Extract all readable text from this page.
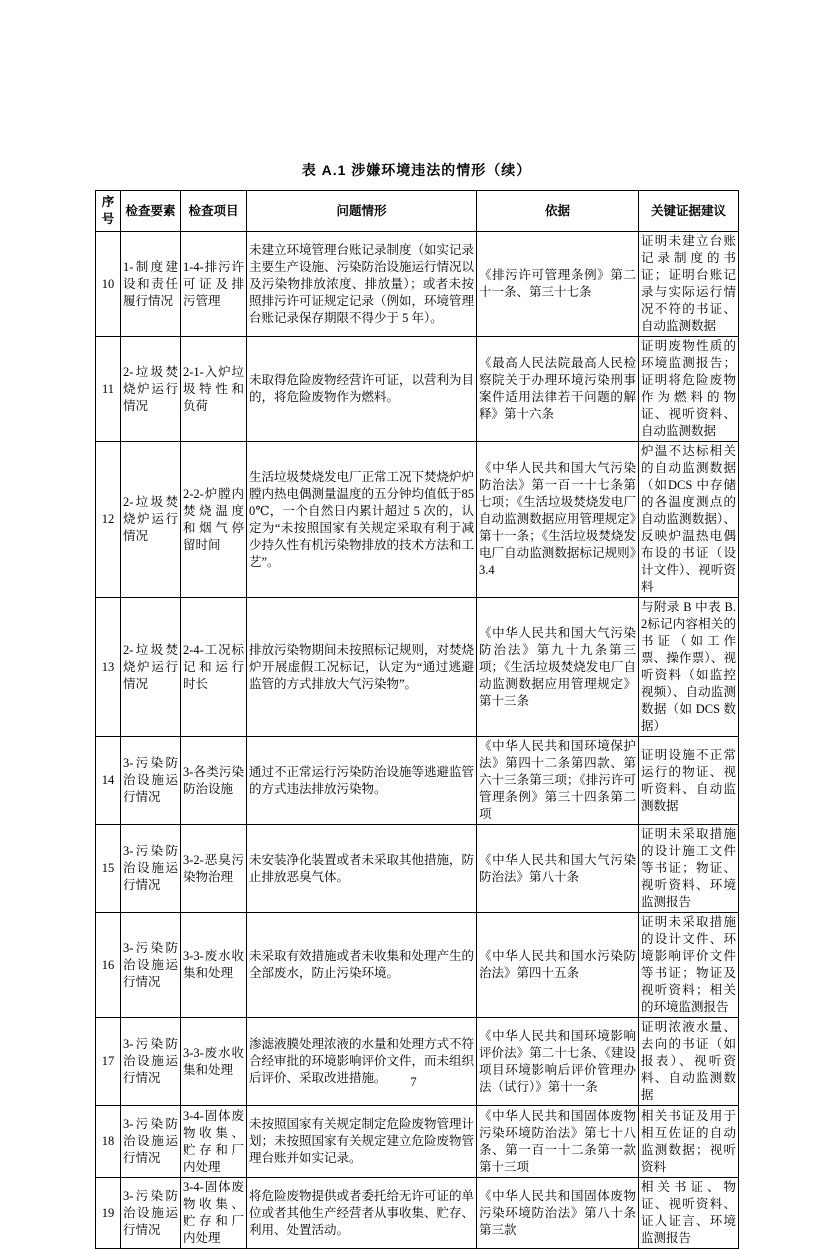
表 A.1 涉嫌环境违法的情形（续）
序号	检查要素	检查项目	问题情形	依据	关键证据建议
10	1-制度建设和责任履行情况	1-4-排污许可证及排污管理	未建立环境管理台账记录制度（如实记录主要生产设施、污染防治设施运行情况以及污染物排放浓度、排放量）；或者未按照排污许可证规定记录（例如，环境管理台账记录保存期限不得少于 5 年）。	《排污许可管理条例》第二十一条、第三十七条	证明未建立台账记录制度的书证；证明台账记录与实际运行情况不符的书证、自动监测数据
11	2-垃圾焚烧炉运行情况	2-1-入炉垃圾特性和负荷	未取得危险废物经营许可证，以营利为目的，将危险废物作为燃料。	《最高人民法院最高人民检察院关于办理环境污染刑事案件适用法律若干问题的解释》第十六条	证明废物性质的环境监测报告；证明将危险废物作为燃料的物证、视听资料、自动监测数据
12	2-垃圾焚烧炉运行情况	2-2-炉膛内焚烧温度和烟气停留时间	生活垃圾焚烧发电厂正常工况下焚烧炉炉膛内热电偶测量温度的五分钟均值低于850℃，一个自然日内累计超过 5 次的，认定为“未按照国家有关规定采取有利于减少持久性有机污染物排放的技术方法和工艺”。	《中华人民共和国大气污染防治法》第一百一十七条第七项；《生活垃圾焚烧发电厂自动监测数据应用管理规定》第十一条；《生活垃圾焚烧发电厂自动监测数据标记规则》3.4	炉温不达标相关的自动监测数据（如DCS 中存储的各温度测点的自动监测数据）、反映炉温热电偶布设的书证（设计文件）、视听资料
13	2-垃圾焚烧炉运行情况	2-4-工况标记和运行时长	排放污染物期间未按照标记规则，对焚烧炉开展虚假工况标记，认定为“通过逃避监管的方式排放大气污染物”。	《中华人民共和国大气污染防治法》第九十九条第三项；《生活垃圾焚烧发电厂自动监测数据应用管理规定》第十三条	与附录 B 中表 B.2标记内容相关的书证（如工作票、操作票）、视听资料（如监控视频）、自动监测数据（如 DCS 数据）
14	3-污染防治设施运行情况	3-各类污染防治设施	通过不正常运行污染防治设施等逃避监管的方式违法排放污染物。	《中华人民共和国环境保护法》第四十二条第四款、第六十三条第三项；《排污许可管理条例》第三十四条第二项	证明设施不正常运行的物证、视听资料、自动监测数据
15	3-污染防治设施运行情况	3-2-恶臭污染物治理	未安装净化装置或者未采取其他措施，防止排放恶臭气体。	《中华人民共和国大气污染防治法》第八十条	证明未采取措施的设计施工文件等书证；物证、视听资料、环境监测报告
16	3-污染防治设施运行情况	3-3-废水收集和处理	未采取有效措施或者未收集和处理产生的全部废水，防止污染环境。	《中华人民共和国水污染防治法》第四十五条	证明未采取措施的设计文件、环境影响评价文件等书证；物证及视听资料；相关的环境监测报告
17	3-污染防治设施运行情况	3-3-废水收集和处理	渗滤液膜处理浓液的水量和处理方式不符合经审批的环境影响评价文件，而未组织后评价、采取改进措施。	《中华人民共和国环境影响评价法》第二十七条、《建设项目环境影响后评价管理办法（试行）》第十一条	证明浓液水量、去向的书证（如报表）、视听资料、自动监测数据
18	3-污染防治设施运行情况	3-4-固体废物收集、贮存和厂内处理	未按照国家有关规定制定危险废物管理计划；未按照国家有关规定建立危险废物管理台账并如实记录。	《中华人民共和国固体废物污染环境防治法》第七十八条、第一百一十二条第一款第十三项	相关书证及用于相互佐证的自动监测数据；视听资料
19	3-污染防治设施运行情况	3-4-固体废物收集、贮存和厂内处理	将危险废物提供或者委托给无许可证的单位或者其他生产经营者从事收集、贮存、利用、处置活动。	《中华人民共和国固体废物污染环境防治法》第八十条第三款	相关书证、物证、视听资料、证人证言、环境监测报告
7
